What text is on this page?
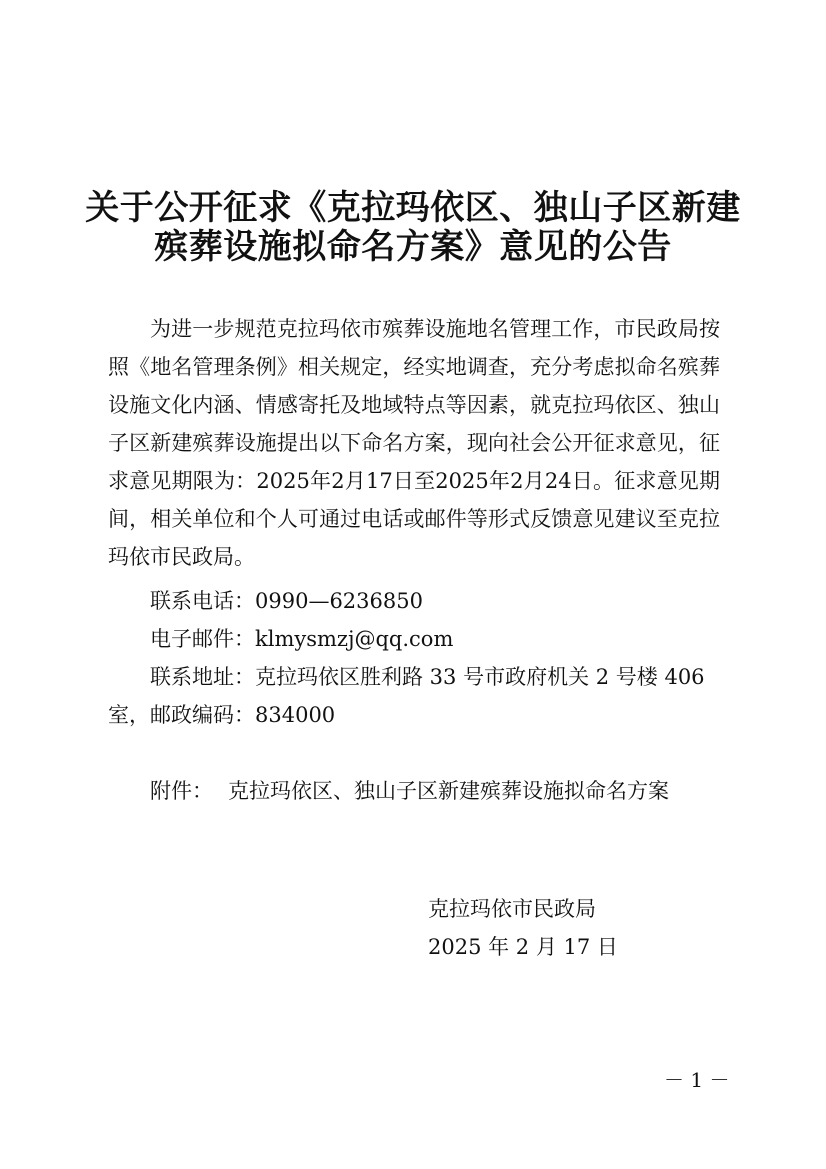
关于公开征求《克拉玛依区、独山子区新建
殡葬设施拟命名方案》意见的公告

为进一步规范克拉玛依市殡葬设施地名管理工作，市民政局按照《地名管理条例》相关规定，经实地调查，充分考虑拟命名殡葬设施文化内涵、情感寄托及地域特点等因素，就克拉玛依区、独山子区新建殡葬设施提出以下命名方案，现向社会公开征求意见，征求意见期限为：2025年2月17日至2025年2月24日。征求意见期间，相关单位和个人可通过电话或邮件等形式反馈意见建议至克拉玛依市民政局。

联系电话：0990—6236850
电子邮件：klmysmzj@qq.com
联系地址：克拉玛依区胜利路 33 号市政府机关 2 号楼 406
室，邮政编码：834000
附件： 克拉玛依区、独山子区新建殡葬设施拟命名方案
克拉玛依市民政局
2025 年 2 月 17 日
－ 1 －
